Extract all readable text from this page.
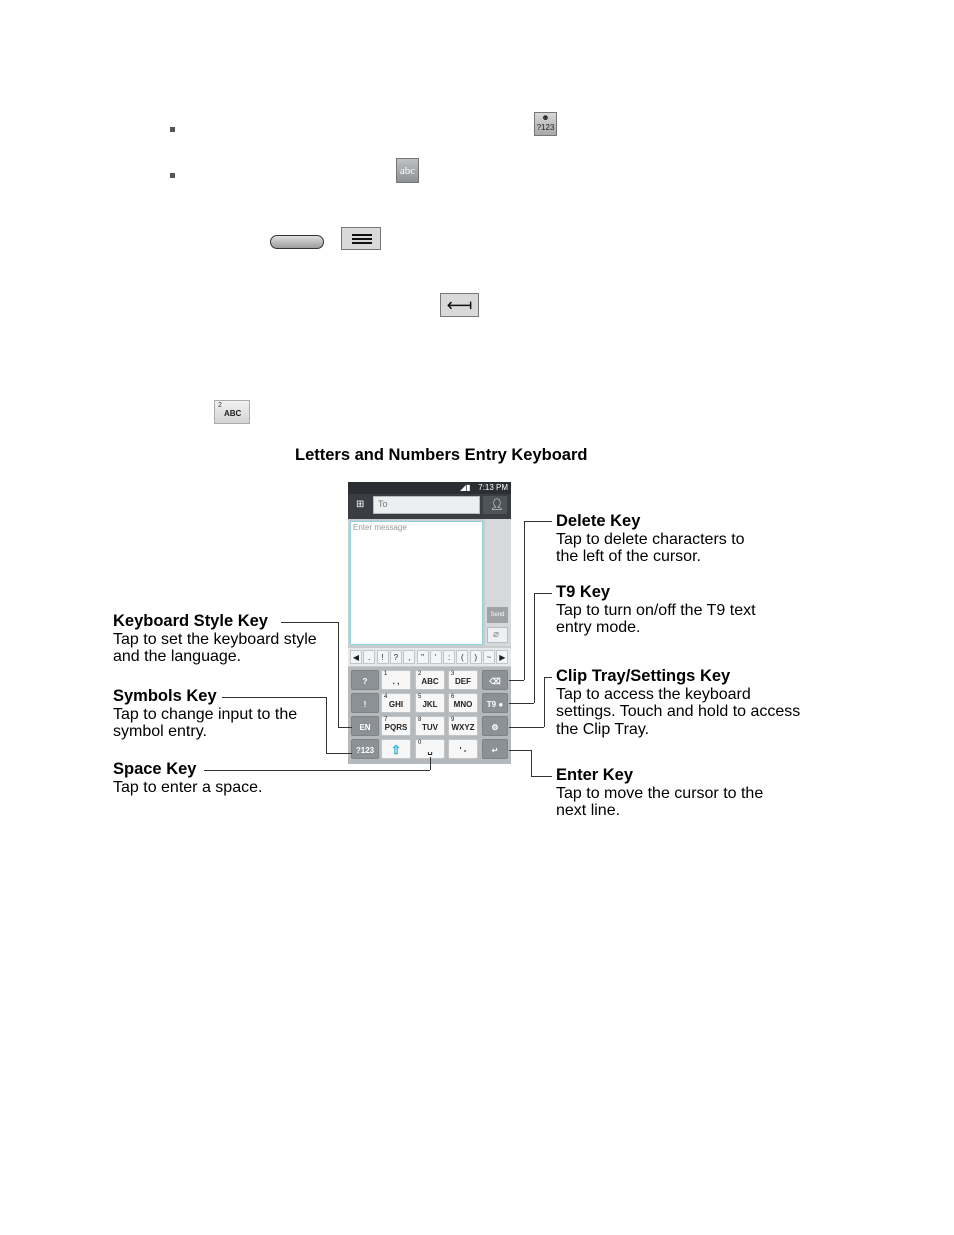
☻
?123
abc
⟻
2
ABC
Letters and Numbers Entry Keyboard
◢▮ 7:13 PM
⊞	To	👤︎
Enter message
Send
⌀
◀	.	!	?	,	"	'	:	(	)	~ ▶
?
1
. ,
2
ABC
3
DEF	⌫
!
4
GHI
5
JKL
6
MNO	T9 ●
EN
7
PQRS
8
TUV
9
WXYZ	⚙
?123	⇧	0
␣	' -	↵
Keyboard Style Key
Tap to set the keyboard style
and the language.
Symbols Key
Tap to change input to the
symbol entry.
Space Key
Tap to enter a space.
Delete Key
Tap to delete characters to
the left of the cursor.
T9 Key
Tap to turn on/off the T9 text
entry mode.
Clip Tray/Settings Key
Tap to access the keyboard
settings. Touch and hold to access
the Clip Tray.
Enter Key
Tap to move the cursor to the
next line.
